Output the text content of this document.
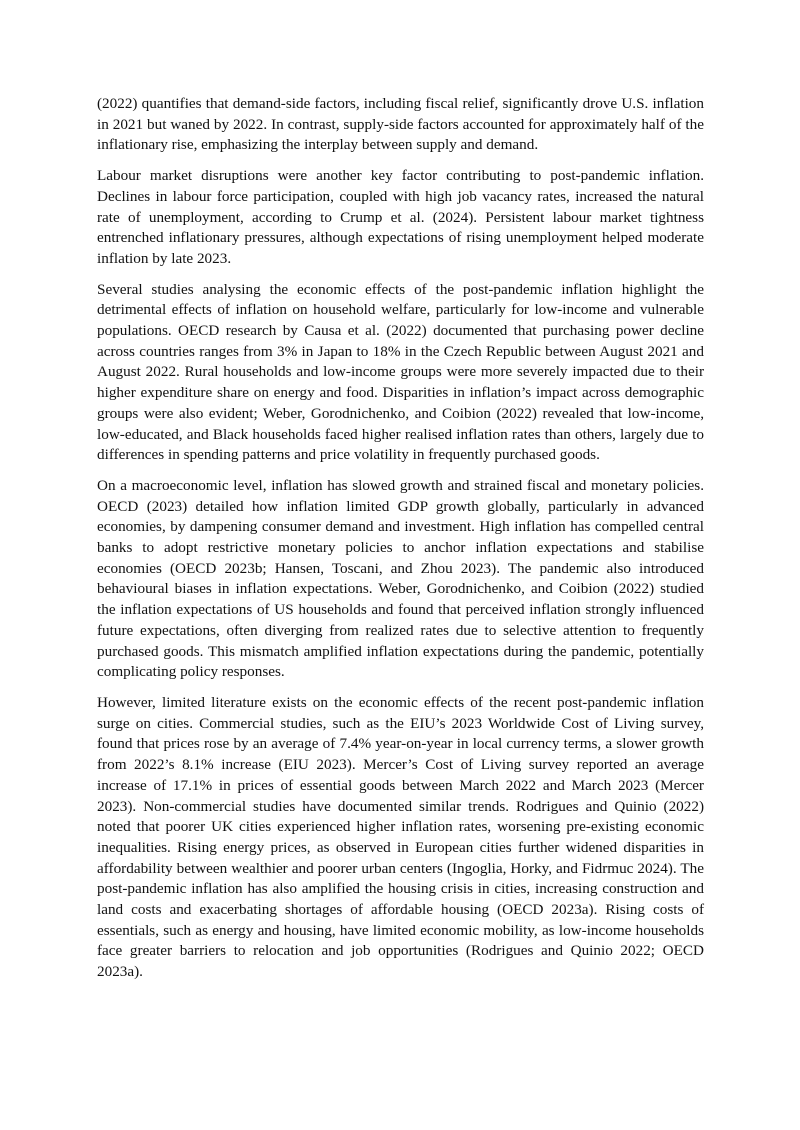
(2022) quantifies that demand-side factors, including fiscal relief, significantly drove U.S. inflation in 2021 but waned by 2022. In contrast, supply-side factors accounted for approximately half of the inflationary rise, emphasizing the interplay between supply and demand.

Labour market disruptions were another key factor contributing to post-pandemic inflation. Declines in labour force participation, coupled with high job vacancy rates, increased the natural rate of unemployment, according to Crump et al. (2024). Persistent labour market tightness entrenched inflationary pressures, although expectations of rising unemployment helped moderate inflation by late 2023.

Several studies analysing the economic effects of the post-pandemic inflation highlight the detrimental effects of inflation on household welfare, particularly for low-income and vulnerable populations. OECD research by Causa et al. (2022) documented that purchasing power decline across countries ranges from 3% in Japan to 18% in the Czech Republic between August 2021 and August 2022. Rural households and low-income groups were more severely impacted due to their higher expenditure share on energy and food. Disparities in inflation’s impact across demographic groups were also evident; Weber, Gorodnichenko, and Coibion (2022) revealed that low-income, low-educated, and Black households faced higher realised inflation rates than others, largely due to differences in spending patterns and price volatility in frequently purchased goods.

On a macroeconomic level, inflation has slowed growth and strained fiscal and monetary policies. OECD (2023) detailed how inflation limited GDP growth globally, particularly in advanced economies, by dampening consumer demand and investment. High inflation has compelled central banks to adopt restrictive monetary policies to anchor inflation expectations and stabilise economies (OECD 2023b; Hansen, Toscani, and Zhou 2023). The pandemic also introduced behavioural biases in inflation expectations. Weber, Gorodnichenko, and Coibion (2022) studied the inflation expectations of US households and found that perceived inflation strongly influenced future expectations, often diverging from realized rates due to selective attention to frequently purchased goods. This mismatch amplified inflation expectations during the pandemic, potentially complicating policy responses.

However, limited literature exists on the economic effects of the recent post-pandemic inflation surge on cities. Commercial studies, such as the EIU’s 2023 Worldwide Cost of Living survey, found that prices rose by an average of 7.4% year-on-year in local currency terms, a slower growth from 2022’s 8.1% increase (EIU 2023). Mercer’s Cost of Living survey reported an average increase of 17.1% in prices of essential goods between March 2022 and March 2023 (Mercer 2023). Non-commercial studies have documented similar trends. Rodrigues and Quinio (2022) noted that poorer UK cities experienced higher inflation rates, worsening pre-existing economic inequalities. Rising energy prices, as observed in European cities further widened disparities in affordability between wealthier and poorer urban centers (Ingoglia, Horky, and Fidrmuc 2024). The post-pandemic inflation has also amplified the housing crisis in cities, increasing construction and land costs and exacerbating shortages of affordable housing (OECD 2023a). Rising costs of essentials, such as energy and housing, have limited economic mobility, as low-income households face greater barriers to relocation and job opportunities (Rodrigues and Quinio 2022; OECD 2023a).
